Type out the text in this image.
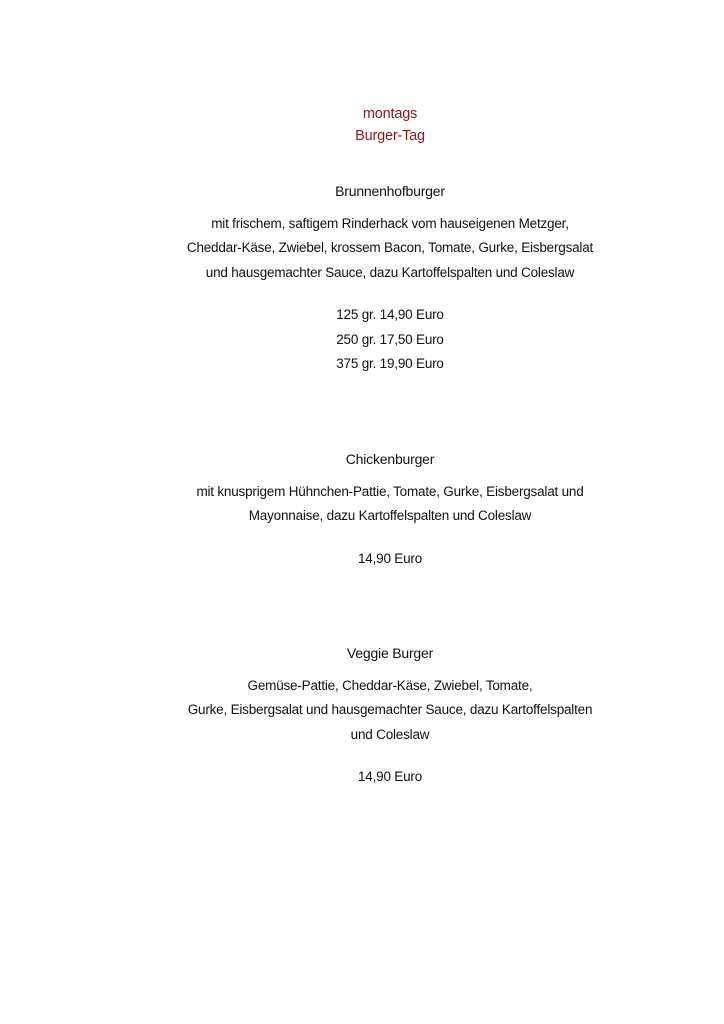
montags
Burger-Tag
Brunnenhofburger
mit frischem, saftigem Rinderhack vom hauseigenen Metzger,
Cheddar-Käse, Zwiebel, krossem Bacon, Tomate, Gurke, Eisbergsalat
und hausgemachter Sauce, dazu Kartoffelspalten und Coleslaw
125 gr. 14,90 Euro
250 gr. 17,50 Euro
375 gr. 19,90 Euro
Chickenburger
mit knusprigem Hühnchen-Pattie, Tomate, Gurke, Eisbergsalat und
Mayonnaise, dazu Kartoffelspalten und Coleslaw
14,90 Euro
Veggie Burger
Gemüse-Pattie, Cheddar-Käse, Zwiebel, Tomate,
Gurke, Eisbergsalat und hausgemachter Sauce, dazu Kartoffelspalten
und Coleslaw
14,90 Euro
